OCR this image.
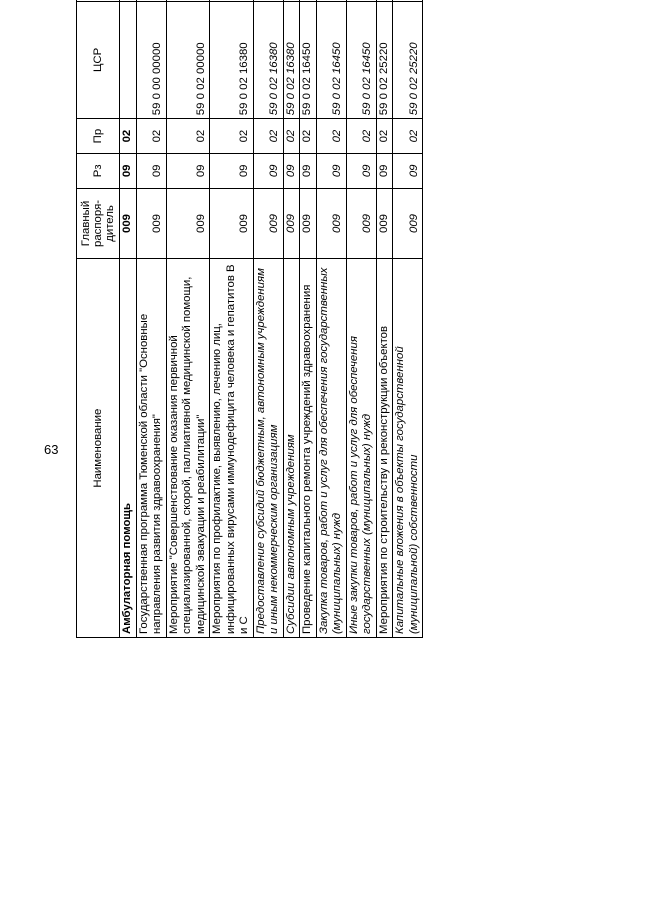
63	Наименование	Главный распоря-дитель	Рз	Пр	ЦСР		
Амбулаторная помощь	009	09	02			
Государственная программа Тюменской области "Основные направления развития здравоохранения"	009	09	02	59 0 00 00000		
Мероприятие "Совершенствование оказания первичной специализированной, скорой, паллиативной медицинской помощи, медицинской эвакуации и реабилитации"	009	09	02	59 0 02 00000		
Мероприятия по профилактике, выявлению, лечению лиц, инфицированных вирусами иммунодефицита человека и гепатитов В и С	009	09	02	59 0 02 16380		
Предоставление субсидий бюджетным, автономным учреждениям и иным некоммерческим организациям	009	09	02	59 0 02 16380		
Субсидии автономным учреждениям	009	09	02	59 0 02 16380		
Проведение капитального ремонта учреждений здравоохранения	009	09	02	59 0 02 16450		
Закупка товаров, работ и услуг для обеспечения государственных (муниципальных) нужд	009	09	02	59 0 02 16450		
Иные закупки товаров, работ и услуг для обеспечения государственных (муниципальных) нужд	009	09	02	59 0 02 16450		
Мероприятия по строительству и реконструкции объектов	009	09	02	59 0 02 25220		
Капитальные вложения в объекты государственной (муниципальной) собственности	009	09	02	59 0 02 25220		
